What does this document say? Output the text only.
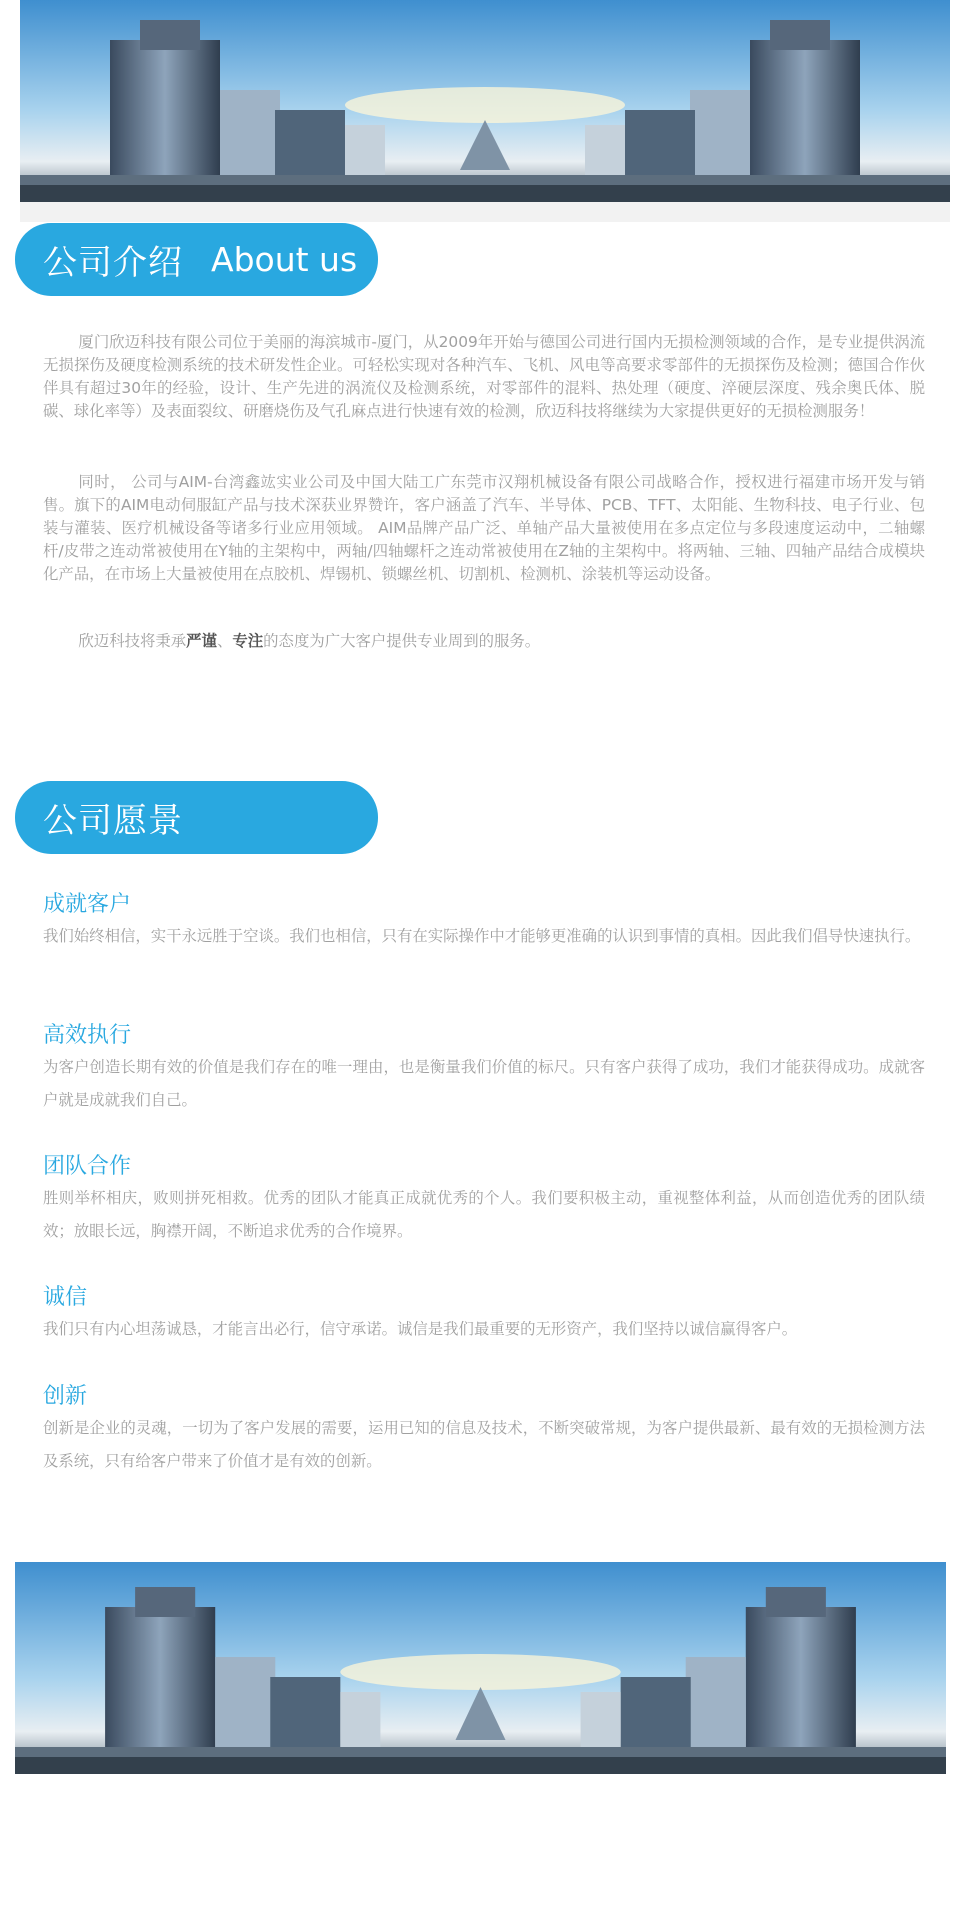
公司介绍 About us

厦门欣迈科技有限公司位于美丽的海滨城市-厦门，从2009年开始与德国公司进行国内无损检测领域的合作，是专业提供涡流无损探伤及硬度检测系统的技术研发性企业。可轻松实现对各种汽车、飞机、风电等高要求零部件的无损探伤及检测；德国合作伙伴具有超过30年的经验，设计、生产先进的涡流仪及检测系统，对零部件的混料、热处理（硬度、淬硬层深度、残余奥氏体、脱碳、球化率等）及表面裂纹、研磨烧伤及气孔麻点进行快速有效的检测，欣迈科技将继续为大家提供更好的无损检测服务！

同时， 公司与AIM-台湾鑫竑实业公司及中国大陆工广东莞市汉翔机械设备有限公司战略合作，授权进行福建市场开发与销售。旗下的AIM电动伺服缸产品与技术深获业界赞许，客户涵盖了汽车、半导体、PCB、TFT、太阳能、生物科技、电子行业、包装与灌装、医疗机械设备等诸多行业应用领域。 AIM品牌产品广泛、单轴产品大量被使用在多点定位与多段速度运动中，二轴螺杆/皮带之连动常被使用在Y轴的主架构中，两轴/四轴螺杆之连动常被使用在Z轴的主架构中。将两轴、三轴、四轴产品结合成模块化产品，在市场上大量被使用在点胶机、焊锡机、锁螺丝机、切割机、检测机、涂装机等运动设备。

欣迈科技将秉承严谨、专注的态度为广大客户提供专业周到的服务。

公司愿景
成就客户

我们始终相信，实干永远胜于空谈。我们也相信，只有在实际操作中才能够更准确的认识到事情的真相。因此我们倡导快速执行。

高效执行

为客户创造长期有效的价值是我们存在的唯一理由，也是衡量我们价值的标尺。只有客户获得了成功，我们才能获得成功。成就客户就是成就我们自己。

团队合作

胜则举杯相庆，败则拼死相救。优秀的团队才能真正成就优秀的个人。我们要积极主动，重视整体利益，从而创造优秀的团队绩效；放眼长远，胸襟开阔，不断追求优秀的合作境界。

诚信

我们只有内心坦荡诚恳，才能言出必行，信守承诺。诚信是我们最重要的无形资产，我们坚持以诚信赢得客户。

创新

创新是企业的灵魂，一切为了客户发展的需要，运用已知的信息及技术，不断突破常规，为客户提供最新、最有效的无损检测方法及系统，只有给客户带来了价值才是有效的创新。
